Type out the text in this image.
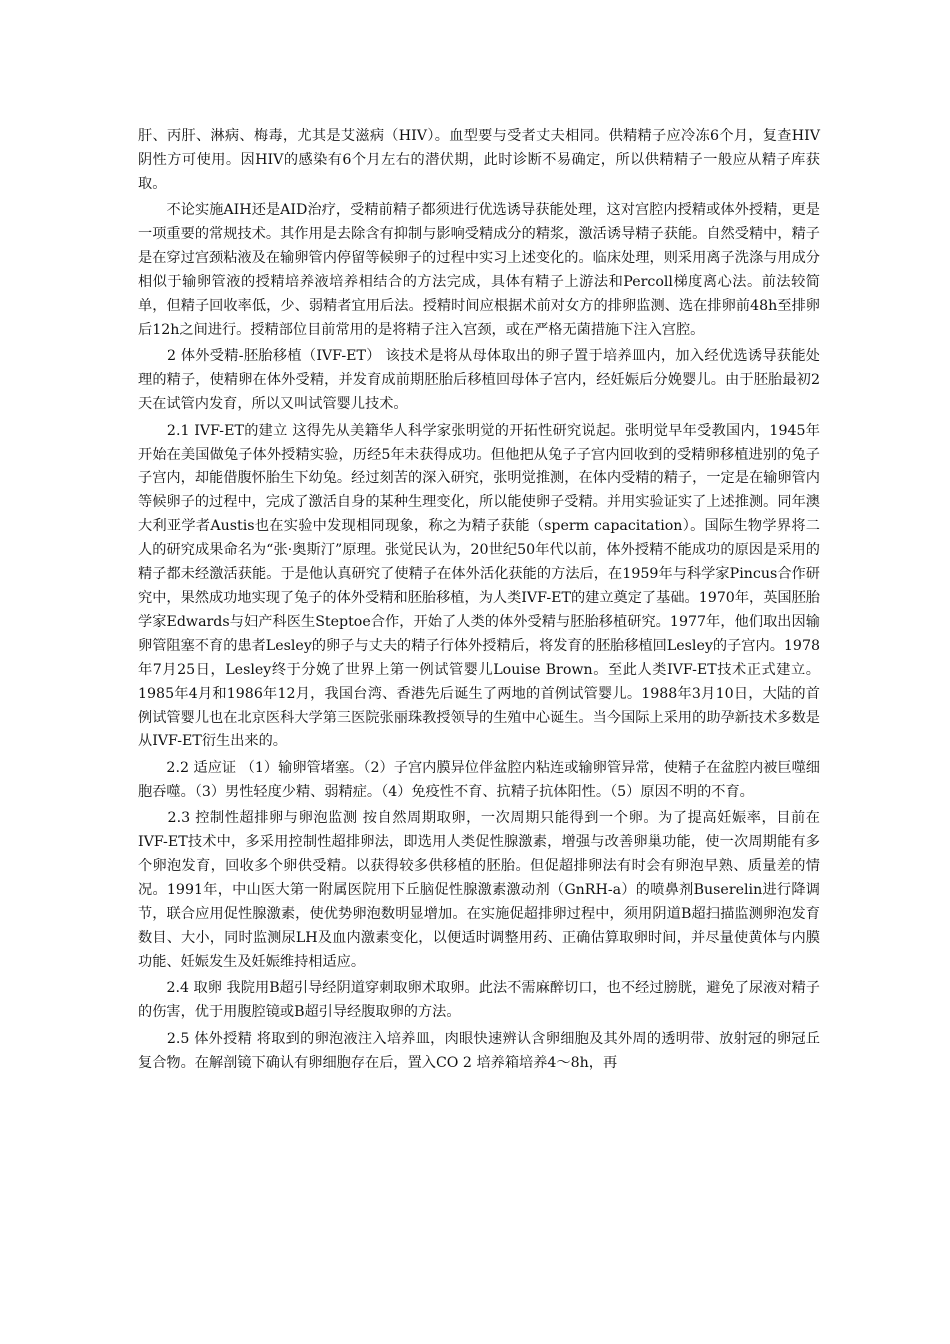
肝、丙肝、淋病、梅毒，尤其是艾滋病（HIV）。血型要与受者丈夫相同。供精精子应冷冻6个月，复查HIV阴性方可使用。因HIV的感染有6个月左右的潜伏期，此时诊断不易确定，所以供精精子一般应从精子库获取。

　　不论实施AIH还是AID治疗，受精前精子都须进行优选诱导获能处理，这对宫腔内授精或体外授精，更是一项重要的常规技术。其作用是去除含有抑制与影响受精成分的精浆，激活诱导精子获能。自然受精中，精子是在穿过宫颈粘液及在输卵管内停留等候卵子的过程中实习上述变化的。临床处理，则采用离子洗涤与用成分相似于输卵管液的授精培养液培养相结合的方法完成，具体有精子上游法和Percoll梯度离心法。前法较简单，但精子回收率低，少、弱精者宜用后法。授精时间应根据术前对女方的排卵监测、选在排卵前48h至排卵后12h之间进行。授精部位目前常用的是将精子注入宫颈，或在严格无菌措施下注入宫腔。

　　2 体外受精-胚胎移植（IVF-ET） 该技术是将从母体取出的卵子置于培养皿内，加入经优选诱导获能处理的精子，使精卵在体外受精，并发育成前期胚胎后移植回母体子宫内，经妊娠后分娩婴儿。由于胚胎最初2天在试管内发育，所以又叫试管婴儿技术。

　　2.1 IVF-ET的建立 这得先从美籍华人科学家张明觉的开拓性研究说起。张明觉早年受教国内，1945年开始在美国做兔子体外授精实验，历经5年未获得成功。但他把从兔子子宫内回收到的受精卵移植进别的兔子子宫内，却能借腹怀胎生下幼兔。经过刻苦的深入研究，张明觉推测，在体内受精的精子，一定是在输卵管内等候卵子的过程中，完成了激活自身的某种生理变化，所以能使卵子受精。并用实验证实了上述推测。同年澳大利亚学者Austis也在实验中发现相同现象，称之为精子获能（sperm capacitation）。国际生物学界将二人的研究成果命名为“张·奥斯汀”原理。张觉民认为，20世纪50年代以前，体外授精不能成功的原因是采用的精子都未经激活获能。于是他认真研究了使精子在体外活化获能的方法后，在1959年与科学家Pincus合作研究中，果然成功地实现了兔子的体外受精和胚胎移植，为人类IVF-ET的建立奠定了基础。1970年，英国胚胎学家Edwards与妇产科医生Steptoe合作，开始了人类的体外受精与胚胎移植研究。1977年，他们取出因输卵管阻塞不育的患者Lesley的卵子与丈夫的精子行体外授精后，将发育的胚胎移植回Lesley的子宫内。1978年7月25日，Lesley终于分娩了世界上第一例试管婴儿Louise Brown。至此人类IVF-ET技术正式建立。1985年4月和1986年12月，我国台湾、香港先后诞生了两地的首例试管婴儿。1988年3月10日，大陆的首例试管婴儿也在北京医科大学第三医院张丽珠教授领导的生殖中心诞生。当今国际上采用的助孕新技术多数是从IVF-ET衍生出来的。

　　2.2 适应证 （1）输卵管堵塞。（2）子宫内膜异位伴盆腔内粘连或输卵管异常，使精子在盆腔内被巨噬细胞吞噬。（3）男性轻度少精、弱精症。（4）免疫性不育、抗精子抗体阳性。（5）原因不明的不育。

　　2.3 控制性超排卵与卵泡监测 按自然周期取卵，一次周期只能得到一个卵。为了提高妊娠率，目前在IVF-ET技术中，多采用控制性超排卵法，即选用人类促性腺激素，增强与改善卵巢功能，使一次周期能有多个卵泡发育，回收多个卵供受精。以获得较多供移植的胚胎。但促超排卵法有时会有卵泡早熟、质量差的情况。1991年，中山医大第一附属医院用下丘脑促性腺激素激动剂（GnRH-a）的喷鼻剂Buserelin进行降调节，联合应用促性腺激素，使优势卵泡数明显增加。在实施促超排卵过程中，须用阴道B超扫描监测卵泡发育数目、大小，同时监测尿LH及血内激素变化，以便适时调整用药、正确估算取卵时间，并尽量使黄体与内膜功能、妊娠发生及妊娠维持相适应。

　　2.4 取卵 我院用B超引导经阴道穿刺取卵术取卵。此法不需麻醉切口，也不经过膀胱，避免了尿液对精子的伤害，优于用腹腔镜或B超引导经腹取卵的方法。

　　2.5 体外授精 将取到的卵泡液注入培养皿，肉眼快速辨认含卵细胞及其外周的透明带、放射冠的卵冠丘复合物。在解剖镜下确认有卵细胞存在后，置入CO 2 培养箱培养4～8h，再
